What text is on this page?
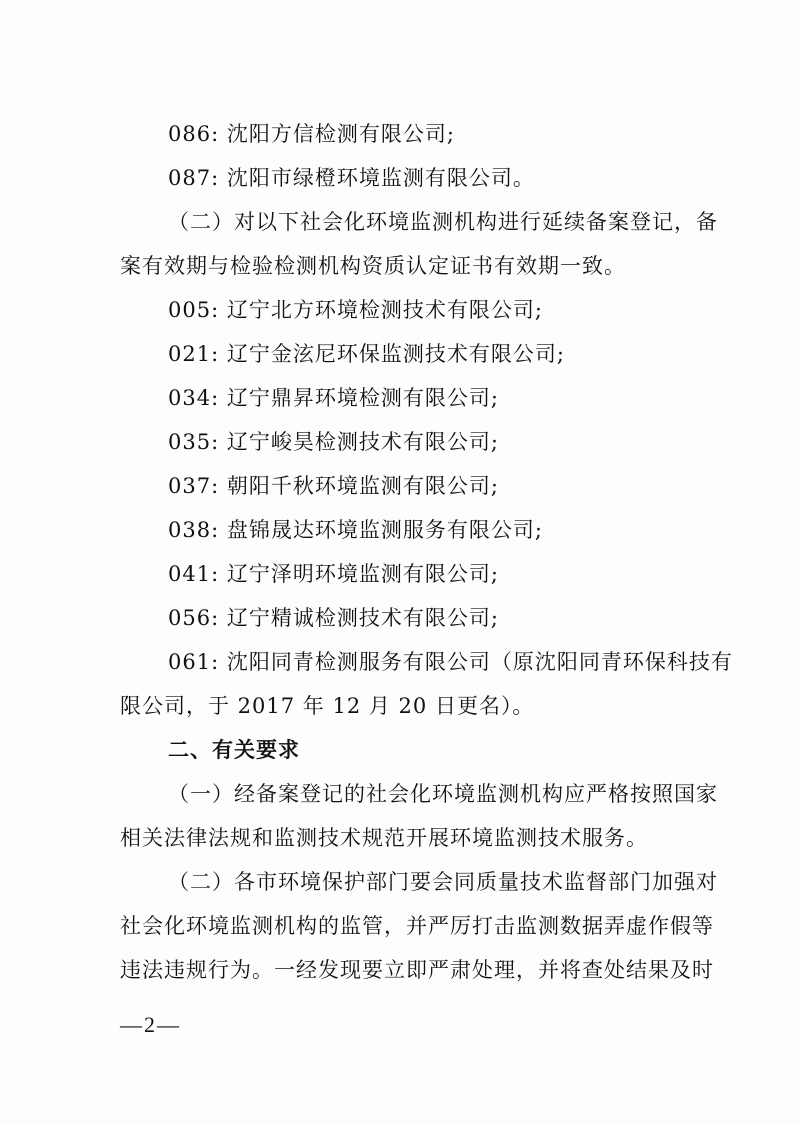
086: 沈阳方信检测有限公司;
087: 沈阳市绿橙环境监测有限公司。
（二）对以下社会化环境监测机构进行延续备案登记，备
案有效期与检验检测机构资质认定证书有效期一致。
005: 辽宁北方环境检测技术有限公司;
021: 辽宁金泫尼环保监测技术有限公司;
034: 辽宁鼎昇环境检测有限公司;
035: 辽宁峻昊检测技术有限公司;
037: 朝阳千秋环境监测有限公司;
038: 盘锦晟达环境监测服务有限公司;
041: 辽宁泽明环境监测有限公司;
056: 辽宁精诚检测技术有限公司;
061: 沈阳同青检测服务有限公司（原沈阳同青环保科技有
限公司，于 2017 年 12 月 20 日更名）。
二、有关要求
（一）经备案登记的社会化环境监测机构应严格按照国家
相关法律法规和监测技术规范开展环境监测技术服务。
（二）各市环境保护部门要会同质量技术监督部门加强对
社会化环境监测机构的监管，并严厉打击监测数据弄虚作假等
违法违规行为。一经发现要立即严肃处理，并将查处结果及时
—2—
